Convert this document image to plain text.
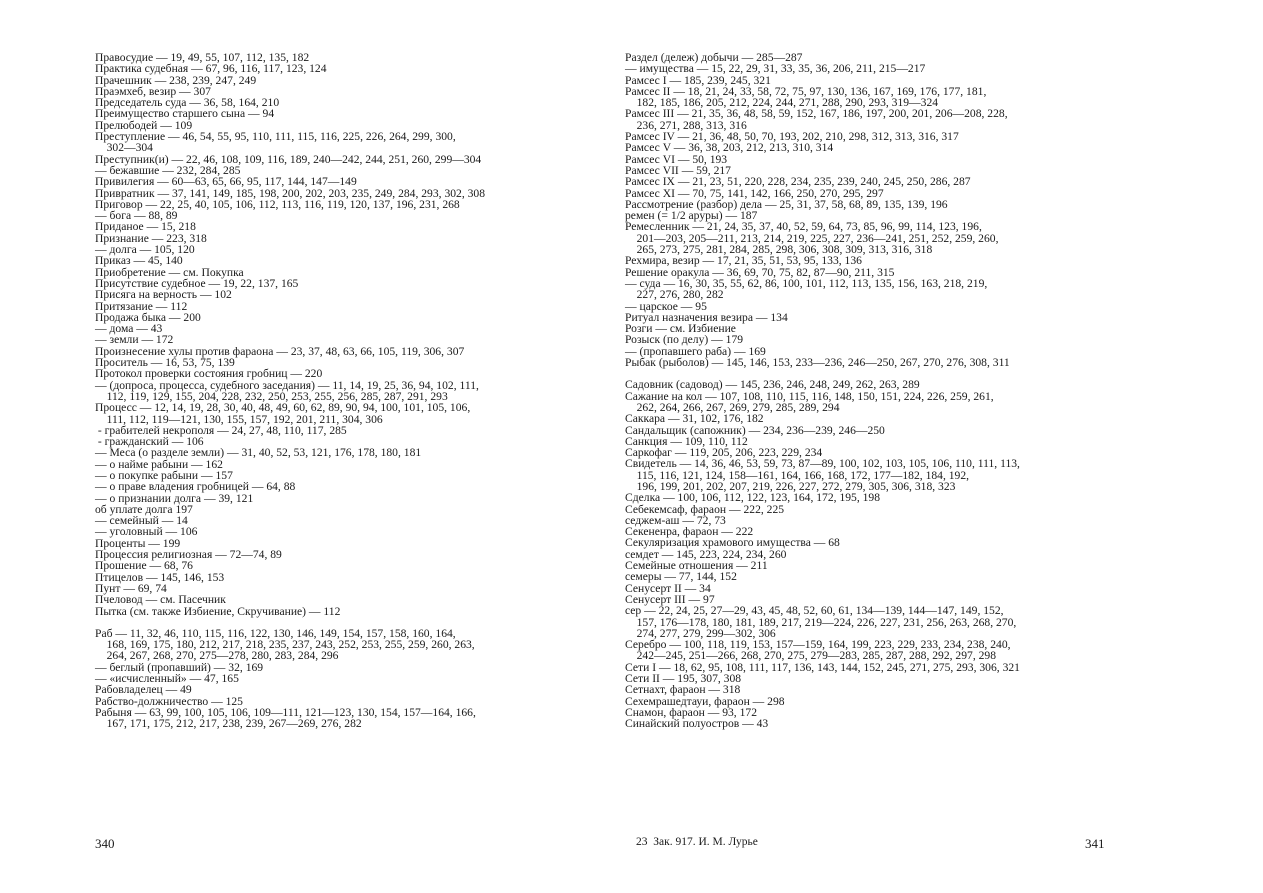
Правосудие — 19, 49, 55, 107, 112, 135, 182
Практика судебная — 67, 96, 116, 117, 123, 124
Прачешник — 238, 239, 247, 249
Праэмхеб, везир — 307
Председатель суда — 36, 58, 164, 210
Преимущество старшего сына — 94
Прелюбодей — 109
Преступление — 46, 54, 55, 95, 110, 111, 115, 116, 225, 226, 264, 299, 300,
302—304
Преступник(и) — 22, 46, 108, 109, 116, 189, 240—242, 244, 251, 260, 299—304
— бежавшие — 232, 284, 285
Привилегия — 60—63, 65, 66, 95, 117, 144, 147—149
Привратник — 37, 141, 149, 185, 198, 200, 202, 203, 235, 249, 284, 293, 302, 308
Приговор — 22, 25, 40, 105, 106, 112, 113, 116, 119, 120, 137, 196, 231, 268
— бога — 88, 89
Приданое — 15, 218
Признание — 223, 318
— долга — 105, 120
Приказ — 45, 140
Приобретение — см. Покупка
Присутствие судебное — 19, 22, 137, 165
Присяга на верность — 102
Притязание — 112
Продажа быка — 200
— дома — 43
— земли — 172
Произнесение хулы против фараона — 23, 37, 48, 63, 66, 105, 119, 306, 307
Проситель — 16, 53, 75, 139
Протокол проверки состояния гробниц — 220
— (допроса, процесса, судебного заседания) — 11, 14, 19, 25, 36, 94, 102, 111,
112, 119, 129, 155, 204, 228, 232, 250, 253, 255, 256, 285, 287, 291, 293
Процесс — 12, 14, 19, 28, 30, 40, 48, 49, 60, 62, 89, 90, 94, 100, 101, 105, 106,
111, 112, 119—121, 130, 155, 157, 192, 201, 211, 304, 306
- грабителей некрополя — 24, 27, 48, 110, 117, 285
- гражданский — 106
— Меса (о разделе земли) — 31, 40, 52, 53, 121, 176, 178, 180, 181
— о найме рабыни — 162
— о покупке рабыни — 157
— о праве владения гробницей — 64, 88
— о признании долга — 39, 121
об уплате долга 197
— семейный — 14
— уголовный — 106
Проценты — 199
Процессия религиозная — 72—74, 89
Прошение — 68, 76
Птицелов — 145, 146, 153
Пунт — 69, 74
Пчеловод — см. Пасечник
Пытка (см. также Избиение, Скручивание) — 112
Раб — 11, 32, 46, 110, 115, 116, 122, 130, 146, 149, 154, 157, 158, 160, 164,
168, 169, 175, 180, 212, 217, 218, 235, 237, 243, 252, 253, 255, 259, 260, 263,
264, 267, 268, 270, 275—278, 280, 283, 284, 296
— беглый (пропавший) — 32, 169
— «исчисленный» — 47, 165
Рабовладелец — 49
Рабство-должничество — 125
Рабыня — 63, 99, 100, 105, 106, 109—111, 121—123, 130, 154, 157—164, 166,
167, 171, 175, 212, 217, 238, 239, 267—269, 276, 282
Раздел (дележ) добычи — 285—287
— имущества — 15, 22, 29, 31, 33, 35, 36, 206, 211, 215—217
Рамсес I — 185, 239, 245, 321
Рамсес II — 18, 21, 24, 33, 58, 72, 75, 97, 130, 136, 167, 169, 176, 177, 181,
182, 185, 186, 205, 212, 224, 244, 271, 288, 290, 293, 319—324
Рамсес III — 21, 35, 36, 48, 58, 59, 152, 167, 186, 197, 200, 201, 206—208, 228,
236, 271, 288, 313, 316
Рамсес IV — 21, 36, 48, 50, 70, 193, 202, 210, 298, 312, 313, 316, 317
Рамсес V — 36, 38, 203, 212, 213, 310, 314
Рамсес VI — 50, 193
Рамсес VII — 59, 217
Рамсес IX — 21, 23, 51, 220, 228, 234, 235, 239, 240, 245, 250, 286, 287
Рамсес XI — 70, 75, 141, 142, 166, 250, 270, 295, 297
Рассмотрение (разбор) дела — 25, 31, 37, 58, 68, 89, 135, 139, 196
ремен (= 1/2 аруры) — 187
Ремесленник — 21, 24, 35, 37, 40, 52, 59, 64, 73, 85, 96, 99, 114, 123, 196,
201—203, 205—211, 213, 214, 219, 225, 227, 236—241, 251, 252, 259, 260,
265, 273, 275, 281, 284, 285, 298, 306, 308, 309, 313, 316, 318
Рехмира, везир — 17, 21, 35, 51, 53, 95, 133, 136
Решение оракула — 36, 69, 70, 75, 82, 87—90, 211, 315
— суда — 16, 30, 35, 55, 62, 86, 100, 101, 112, 113, 135, 156, 163, 218, 219,
227, 276, 280, 282
— царское — 95
Ритуал назначения везира — 134
Розги — см. Избиение
Розыск (по делу) — 179
— (пропавшего раба) — 169
Рыбак (рыболов) — 145, 146, 153, 233—236, 246—250, 267, 270, 276, 308, 311
Садовник (садовод) — 145, 236, 246, 248, 249, 262, 263, 289
Сажание на кол — 107, 108, 110, 115, 116, 148, 150, 151, 224, 226, 259, 261,
262, 264, 266, 267, 269, 279, 285, 289, 294
Саккара — 31, 102, 176, 182
Сандальщик (сапожник) — 234, 236—239, 246—250
Санкция — 109, 110, 112
Саркофаг — 119, 205, 206, 223, 229, 234
Свидетель — 14, 36, 46, 53, 59, 73, 87—89, 100, 102, 103, 105, 106, 110, 111, 113,
115, 116, 121, 124, 158—161, 164, 166, 168, 172, 177—182, 184, 192,
196, 199, 201, 202, 207, 219, 226, 227, 272, 279, 305, 306, 318, 323
Сделка — 100, 106, 112, 122, 123, 164, 172, 195, 198
Себекемсаф, фараон — 222, 225
седжем-аш — 72, 73
Секененра, фараон — 222
Секуляризация храмового имущества — 68
семдет — 145, 223, 224, 234, 260
Семейные отношения — 211
семеры — 77, 144, 152
Сенусерт II — 34
Сенусерт III — 97
сер — 22, 24, 25, 27—29, 43, 45, 48, 52, 60, 61, 134—139, 144—147, 149, 152,
157, 176—178, 180, 181, 189, 217, 219—224, 226, 227, 231, 256, 263, 268, 270,
274, 277, 279, 299—302, 306
Серебро — 100, 118, 119, 153, 157—159, 164, 199, 223, 229, 233, 234, 238, 240,
242—245, 251—266, 268, 270, 275, 279—283, 285, 287, 288, 292, 297, 298
Сети I — 18, 62, 95, 108, 111, 117, 136, 143, 144, 152, 245, 271, 275, 293, 306, 321
Сети II — 195, 307, 308
Сетнахт, фараон — 318
Сехемрашедтауи, фараон — 298
Снамон, фараон — 93, 172
Синайский полуостров — 43
340	23  Зак. 917. И. М. Лурье	341
